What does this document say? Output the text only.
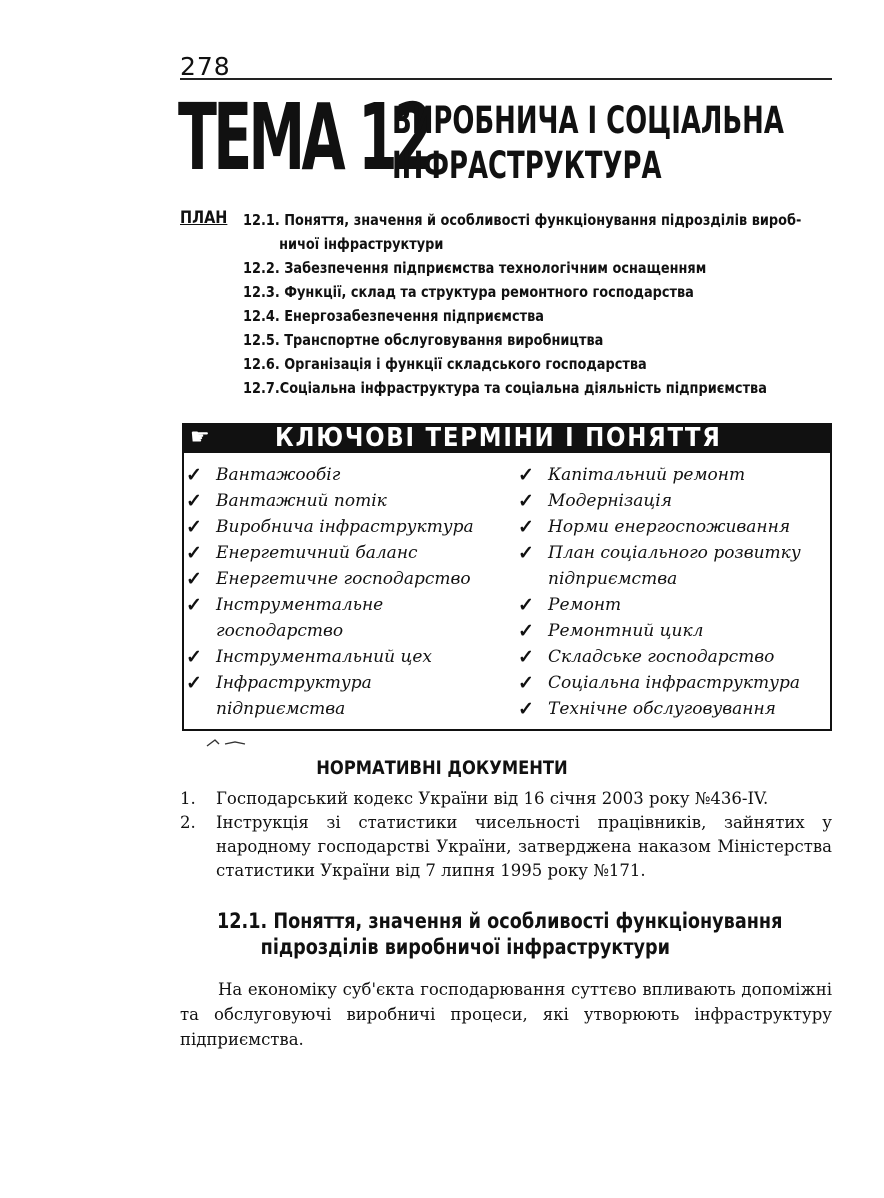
278
ТЕМА 12
ВИРОБНИЧА І СОЦІАЛЬНА
ІНФРАСТРУКТУРА
ПЛАН 12.1. Поняття, значення й особливості функціонування підрозділів вироб-
ничої інфраструктури
12.2. Забезпечення підприємства технологічним оснащенням
12.3. Функції, склад та структура ремонтного господарства
12.4. Енергозабезпечення підприємства
12.5. Транспортне обслуговування виробництва
12.6. Організація і функції складського господарства
12.7.Соціальна інфраструктура та соціальна діяльність підприємства
☛	КЛЮЧОВІ ТЕРМІНИ І ПОНЯТТЯ
✓ Вантажообіг
✓ Вантажний потік
✓ Виробнича інфраструктура
✓ Енергетичний баланс
✓ Енергетичне господарство
✓ Інструментальне
господарство
✓ Інструментальний цех
✓ Інфраструктура
підприємства
✓ Капітальний ремонт
✓ Модернізація
✓ Норми енергоспоживання
✓ План соціального розвитку
підприємства
✓ Ремонт
✓ Ремонтний цикл
✓ Складське господарство
✓ Соціальна інфраструктура
✓ Технічне обслуговування
НОРМАТИВНІ ДОКУМЕНТИ
1. Господарський кодекс України від 16 січня 2003 року №436-IV.
2. Інструкція зі статистики чисельності працівників, зайнятих у народному господарстві України, затверджена наказом Міністерства статистики України від 7 липня 1995 року №171.
12.1. Поняття, значення й особливості функціонування
підрозділів виробничої інфраструктури

На економіку суб'єкта господарювання суттєво впливають допоміжні та обслуговуючі виробничі процеси, які утворюють інфраструктуру підприємства.
